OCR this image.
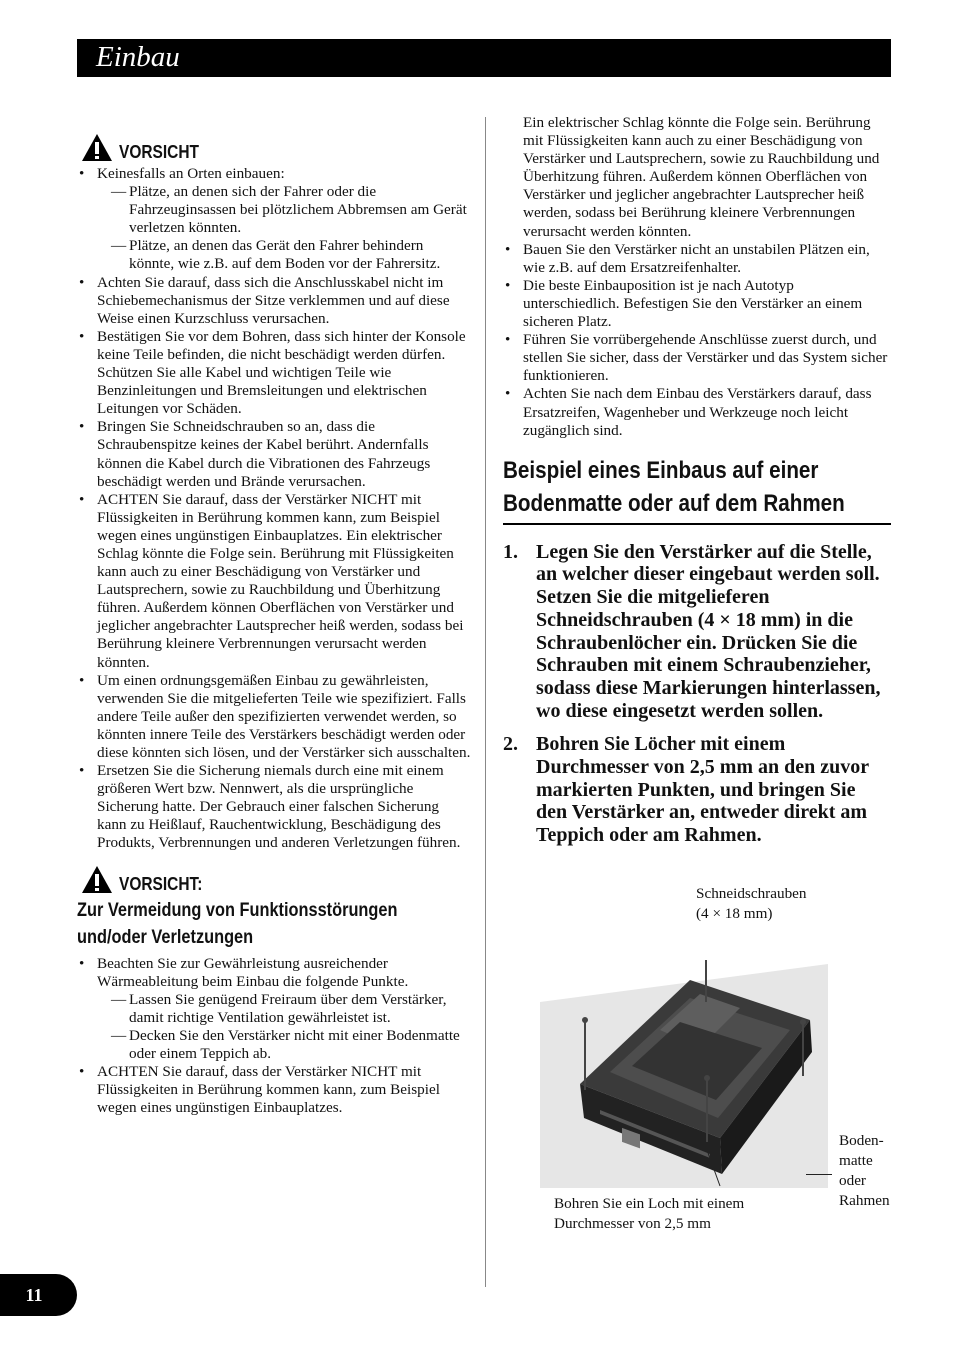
Einbau
VORSICHT
• Keinesfalls an Orten einbauen:
— Plätze, an denen sich der Fahrer oder die Fahrzeuginsassen bei plötzlichem Abbremsen am Gerät verletzen könnten.
— Plätze, an denen das Gerät den Fahrer behindern könnte, wie z.B. auf dem Boden vor der Fahrersitz.
• Achten Sie darauf, dass sich die Anschlusskabel nicht im Schiebemechanismus der Sitze verklemmen und auf diese Weise einen Kurzschluss verursachen.
• Bestätigen Sie vor dem Bohren, dass sich hinter der Konsole keine Teile befinden, die nicht beschädigt werden dürfen. Schützen Sie alle Kabel und wichtigen Teile wie Benzinleitungen und Bremsleitungen und elektrischen Leitungen vor Schäden.
• Bringen Sie Schneidschrauben so an, dass die Schraubenspitze keines der Kabel berührt. Andernfalls können die Kabel durch die Vibrationen des Fahrzeugs beschädigt werden und Brände verursachen.
• ACHTEN Sie darauf, dass der Verstärker NICHT mit Flüssigkeiten in Berührung kommen kann, zum Beispiel wegen eines ungünstigen Einbauplatzes. Ein elektrischer Schlag könnte die Folge sein. Berührung mit Flüssigkeiten kann auch zu einer Beschädigung von Verstärker und Lautsprechern, sowie zu Rauchbildung und Überhitzung führen. Außerdem können Oberflächen von Verstärker und jeglicher angebrachter Lautsprecher heiß werden, sodass bei Berührung kleinere Verbrennungen verursacht werden könnten.
• Um einen ordnungsgemäßen Einbau zu gewährleisten, verwenden Sie die mitgelieferten Teile wie spezifiziert. Falls andere Teile außer den spezifizierten verwendet werden, so könnten innere Teile des Verstärkers beschädigt werden oder diese könnten sich lösen, und der Verstärker sich ausschalten.
• Ersetzen Sie die Sicherung niemals durch eine mit einem größeren Wert bzw. Nennwert, als die ursprüngliche Sicherung hatte. Der Gebrauch einer falschen Sicherung kann zu Heißlauf, Rauchentwicklung, Beschädigung des Produkts, Verbrennungen und anderen Verletzungen führen.
VORSICHT:
Zur Vermeidung von Funktionsstörungen und/oder Verletzungen
• Beachten Sie zur Gewährleistung ausreichender Wärmeableitung beim Einbau die folgende Punkte.
— Lassen Sie genügend Freiraum über dem Verstärker, damit richtige Ventilation gewährleistet ist.
— Decken Sie den Verstärker nicht mit einer Bodenmatte oder einem Teppich ab.
• ACHTEN Sie darauf, dass der Verstärker NICHT mit Flüssigkeiten in Berührung kommen kann, zum Beispiel wegen eines ungünstigen Einbauplatzes.
Ein elektrischer Schlag könnte die Folge sein. Berührung mit Flüssigkeiten kann auch zu einer Beschädigung von Verstärker und Lautsprechern, sowie zu Rauchbildung und Überhitzung führen. Außerdem können Oberflächen von Verstärker und jeglicher angebrachter Lautsprecher heiß werden, sodass bei Berührung kleinere Verbrennungen verursacht werden könnten.
• Bauen Sie den Verstärker nicht an unstabilen Plätzen ein, wie z.B. auf dem Ersatzreifenhalter.
• Die beste Einbauposition ist je nach Autotyp unterschiedlich. Befestigen Sie den Verstärker an einem sicheren Platz.
• Führen Sie vorrübergehende Anschlüsse zuerst durch, und stellen Sie sicher, dass der Verstärker und das System sicher funktionieren.
• Achten Sie nach dem Einbau des Verstärkers darauf, dass Ersatzreifen, Wagenheber und Werkzeuge noch leicht zugänglich sind.
Beispiel eines Einbaus auf einer Bodenmatte oder auf dem Rahmen
1. Legen Sie den Verstärker auf die Stelle, an welcher dieser eingebaut werden soll. Setzen Sie die mitgelieferen Schneidschrauben (4 × 18 mm) in die Schraubenlöcher ein. Drücken Sie die Schrauben mit einem Schraubenzieher, sodass diese Markierungen hinterlassen, wo diese eingesetzt werden sollen.
2. Bohren Sie Löcher mit einem Durchmesser von 2,5 mm an den zuvor markierten Punkten, und bringen Sie den Verstärker an, entweder direkt am Teppich oder am Rahmen.
Schneidschrauben
(4 × 18 mm)
Bohren Sie ein Loch mit einem
Durchmesser von 2,5 mm
Boden-
matte
oder
Rahmen
11
